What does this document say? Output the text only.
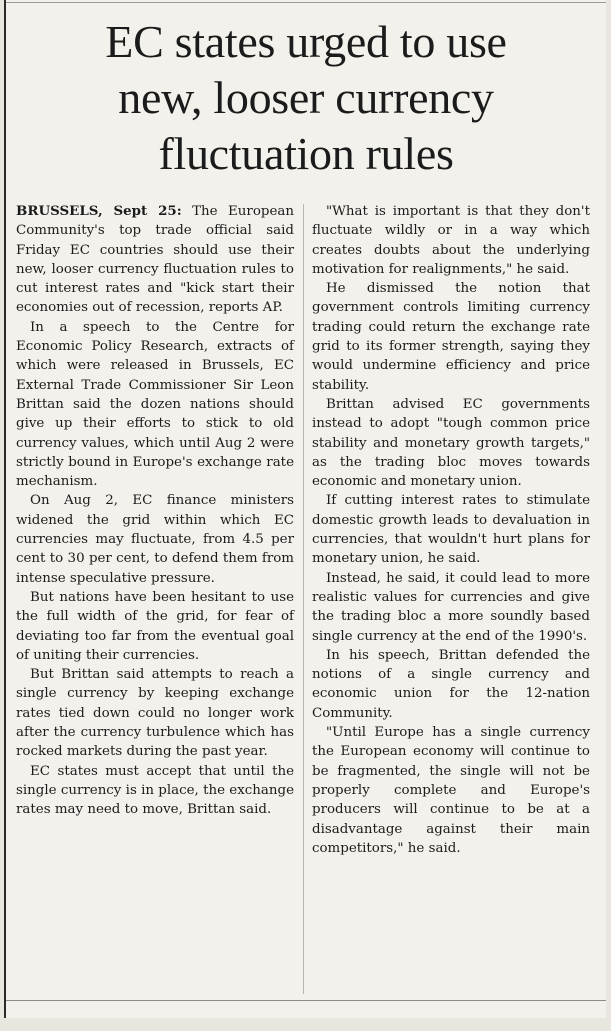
EC states urged to use
new, looser currency
fluctuation rules

BRUSSELS, Sept 25: The European Community's top trade official said Friday EC countries should use their new, looser currency fluctuation rules to cut interest rates and "kick start their economies out of recession, reports AP.

In a speech to the Centre for Economic Policy Research, extracts of which were released in Brussels, EC External Trade Commissioner Sir Leon Brittan said the dozen nations should give up their efforts to stick to old currency values, which until Aug 2 were strictly bound in Europe's exchange rate mechanism.

On Aug 2, EC finance ministers widened the grid within which EC currencies may fluctuate, from 4.5 per cent to 30 per cent, to defend them from intense speculative pressure.

But nations have been hesitant to use the full width of the grid, for fear of deviating too far from the eventual goal of uniting their currencies.

But Brittan said attempts to reach a single currency by keeping exchange rates tied down could no longer work after the currency turbulence which has rocked markets during the past year.

EC states must accept that until the single currency is in place, the exchange rates may need to move, Brittan said.

"What is important is that they don't fluctuate wildly or in a way which creates doubts about the underlying motivation for realignments," he said.

He dismissed the notion that government controls limiting currency trading could return the exchange rate grid to its former strength, saying they would undermine efficiency and price stability.

Brittan advised EC governments instead to adopt "tough common price stability and monetary growth targets," as the trading bloc moves towards economic and monetary union.

If cutting interest rates to stimulate domestic growth leads to devaluation in currencies, that wouldn't hurt plans for monetary union, he said.

Instead, he said, it could lead to more realistic values for currencies and give the trading bloc a more soundly based single currency at the end of the 1990's.

In his speech, Brittan defended the notions of a single currency and economic union for the 12-nation Community.

"Until Europe has a single currency the European economy will continue to be fragmented, the single will not be properly complete and Europe's producers will continue to be at a disadvantage against their main competitors," he said.
